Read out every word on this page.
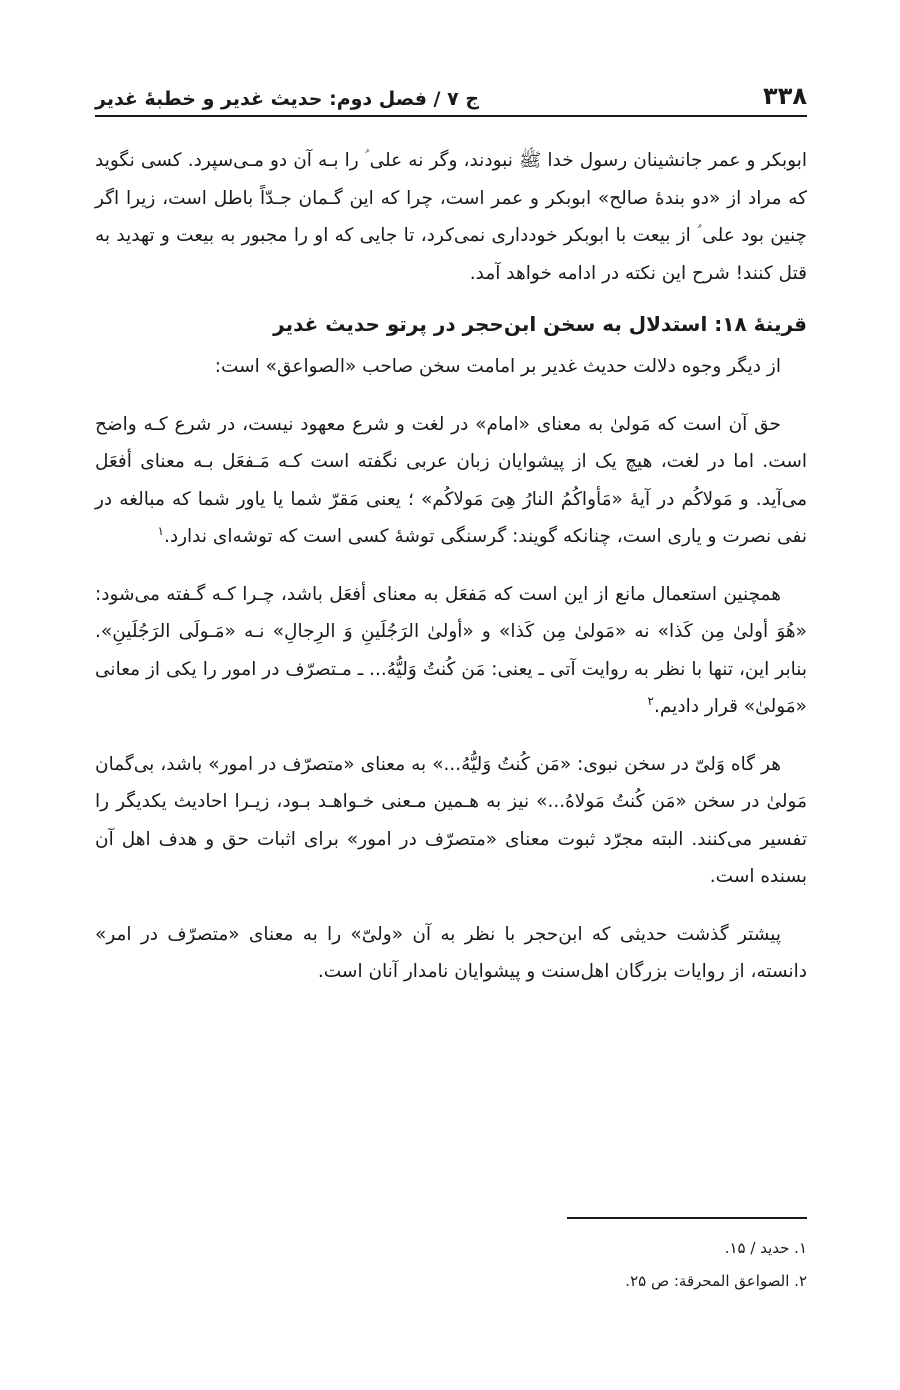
۳۳۸
ج ۷ / فصل دوم: حدیث غدیر و خطبهٔ غدیر

ابوبکر و عمر جانشینان رسول خدا ﷺ نبودند، وگر نه علی ؑ را بـه آن دو مـی‌سپرد. کسی نگوید که مراد از «دو بندهٔ صالح» ابوبکر و عمر است، چرا که این گـمان جـدّاً باطل است، زیرا اگر چنین بود علی ؑ از بیعت با ابوبکر خودداری نمی‌کرد، تا جایی که او را مجبور به بیعت و تهدید به قتل کنند! شرح این نکته در ادامه خواهد آمد.

قرینهٔ ۱۸: استدلال به سخن ابن‌حجر در پرتو حدیث غدیر

از دیگر وجوه دلالت حدیث غدیر بر امامت سخن صاحب «الصواعق» است:

حق آن است که مَولیٰ به معنای «امام» در لغت و شرع معهود نیست، در شرع کـه واضح است. اما در لغت، هیچ یک از پیشوایان زبان عربی نگفته است کـه مَـفعَل بـه معنای أفعَل می‌آید. و مَولاکُم در آیهٔ «مَأواکُمُ النارُ هِیَ مَولاکُم» ؛ یعنی مَقرّ شما یا یاور شما که مبالغه در نفی نصرت و یاری است، چنانکه گویند: گرسنگی توشهٔ کسی است که توشه‌ای ندارد.$^۱$

همچنین استعمال مانع از این است که مَفعَل به معنای أفعَل باشد، چـرا کـه گـفته می‌شود: «هُوَ أولیٰ مِن کَذا» نه «مَولیٰ مِن کَذا» و «أولیٰ الرَجُلَینِ وَ الرِجالِ» نـه «مَـولَی الرَجُلَینِ». بنابر این، تنها با نظر به روایت آتی ـ یعنی: مَن کُنتُ وَلیُّهُ... ـ مـتصرّف در امور را یکی از معانی «مَولیٰ» قرار دادیم.$^۲$

هر گاه وَلیّ در سخن نبوی: «مَن کُنتُ وَلیُّهُ...» به معنای «متصرّف در امور» باشد، بی‌گمان مَولیٰ در سخن «مَن کُنتُ مَولاهُ...» نیز به هـمین مـعنی خـواهـد بـود، زیـرا احادیث یکدیگر را تفسیر می‌کنند. البته مجرّد ثبوت معنای «متصرّف در امور» برای اثبات حق و هدف اهل آن بسنده است.

پیشتر گذشت حدیثی که ابن‌حجر با نظر به آن «ولیّ» را به معنای «متصرّف در امر» دانسته، از روایات بزرگان اهل‌سنت و پیشوایان نامدار آنان است.

۱. حدید / ۱۵.

۲. الصواعق المحرقة: ص ۲۵.
